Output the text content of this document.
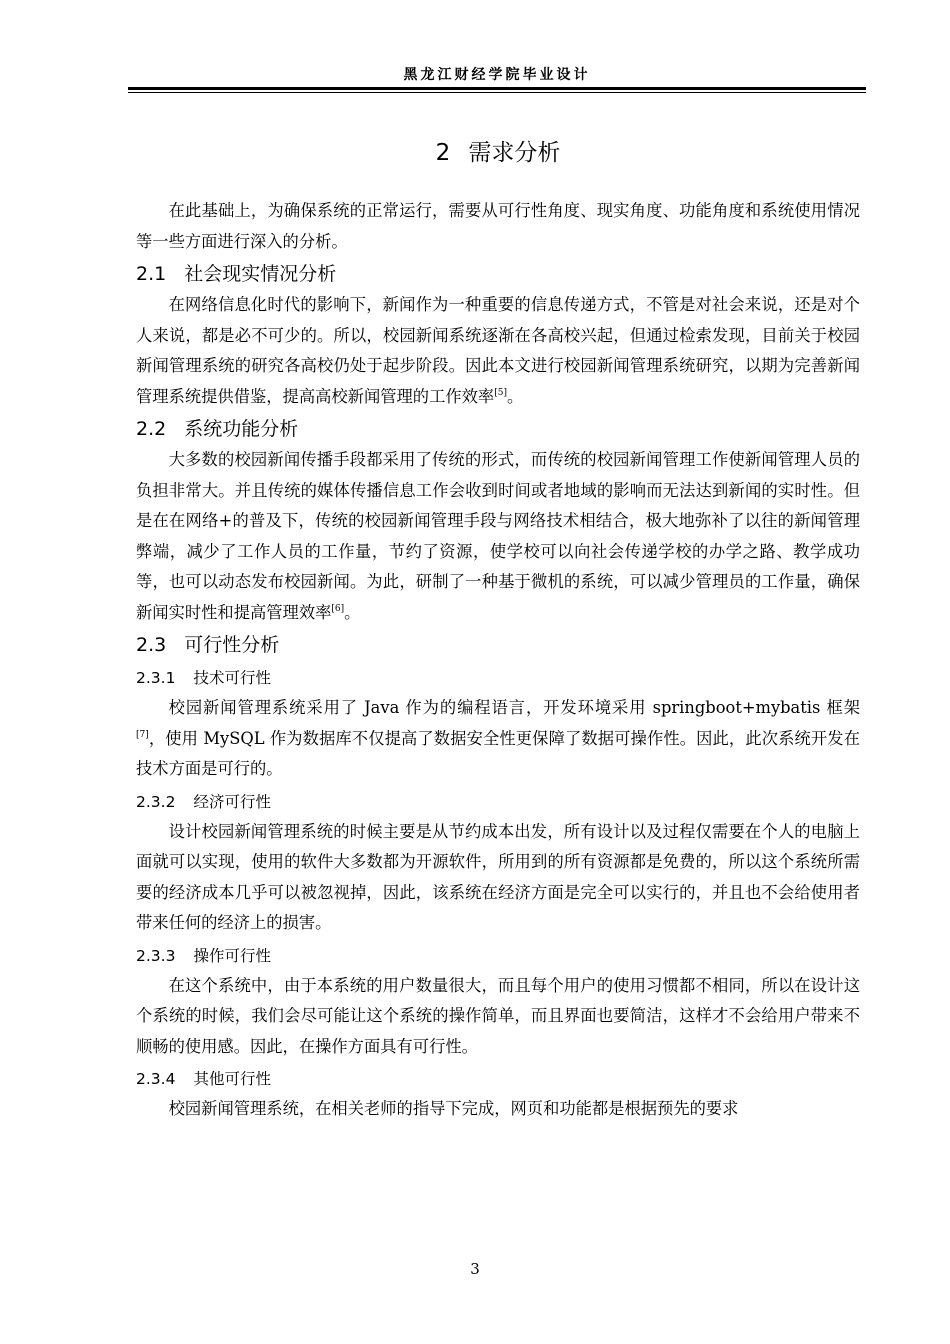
黑龙江财经学院毕业设计
2 需求分析

在此基础上，为确保系统的正常运行，需要从可行性角度、现实角度、功能角度和系统使用情况等一些方面进行深入的分析。

2.1 社会现实情况分析

在网络信息化时代的影响下，新闻作为一种重要的信息传递方式，不管是对社会来说，还是对个人来说，都是必不可少的。所以，校园新闻系统逐渐在各高校兴起，但通过检索发现，目前关于校园新闻管理系统的研究各高校仍处于起步阶段。因此本文进行校园新闻管理系统研究，以期为完善新闻管理系统提供借鉴，提高高校新闻管理的工作效率[5]。

2.2 系统功能分析

大多数的校园新闻传播手段都采用了传统的形式，而传统的校园新闻管理工作使新闻管理人员的负担非常大。并且传统的媒体传播信息工作会收到时间或者地域的影响而无法达到新闻的实时性。但是在在网络+的普及下，传统的校园新闻管理手段与网络技术相结合，极大地弥补了以往的新闻管理弊端，减少了工作人员的工作量，节约了资源，使学校可以向社会传递学校的办学之路、教学成功等，也可以动态发布校园新闻。为此，研制了一种基于微机的系统，可以减少管理员的工作量，确保新闻实时性和提高管理效率[6]。

2.3 可行性分析
2.3.1 技术可行性

校园新闻管理系统采用了 Java 作为的编程语言，开发环境采用 springboot+mybatis 框架[7]，使用 MySQL 作为数据库不仅提高了数据安全性更保障了数据可操作性。因此，此次系统开发在技术方面是可行的。

2.3.2 经济可行性

设计校园新闻管理系统的时候主要是从节约成本出发，所有设计以及过程仅需要在个人的电脑上面就可以实现，使用的软件大多数都为开源软件，所用到的所有资源都是免费的，所以这个系统所需要的经济成本几乎可以被忽视掉，因此，该系统在经济方面是完全可以实行的，并且也不会给使用者带来任何的经济上的损害。

2.3.3 操作可行性

在这个系统中，由于本系统的用户数量很大，而且每个用户的使用习惯都不相同，所以在设计这个系统的时候，我们会尽可能让这个系统的操作简单，而且界面也要简洁，这样才不会给用户带来不顺畅的使用感。因此，在操作方面具有可行性。

2.3.4 其他可行性

校园新闻管理系统，在相关老师的指导下完成，网页和功能都是根据预先的要求

3
